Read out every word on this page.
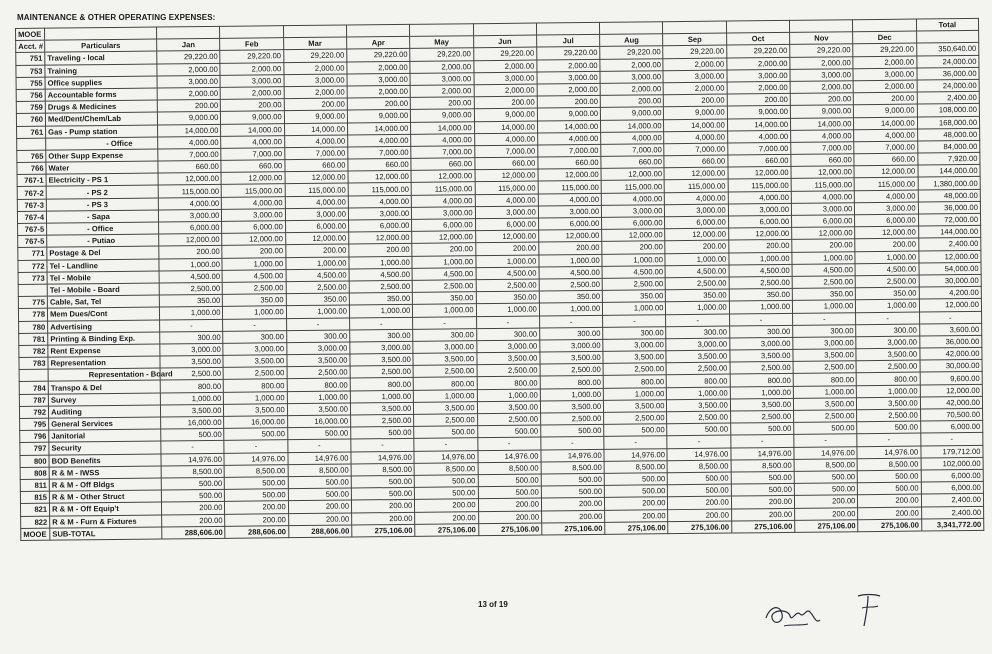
MAINTENANCE & OTHER OPERATING EXPENSES:
MOOE														Total
Acct. #	Particulars	Jan	Feb	Mar	Apr	May	Jun	Jul	Aug	Sep	Oct	Nov	Dec	
751	Traveling - local	29,220.00	29,220.00	29,220.00	29,220.00	29,220.00	29,220.00	29,220.00	29,220.00	29,220.00	29,220.00	29,220.00	29,220.00	350,640.00
753	Training	2,000.00	2,000.00	2,000.00	2,000.00	2,000.00	2,000.00	2,000.00	2,000.00	2,000.00	2,000.00	2,000.00	2,000.00	24,000.00
755	Office supplies	3,000.00	3,000.00	3,000.00	3,000.00	3,000.00	3,000.00	3,000.00	3,000.00	3,000.00	3,000.00	3,000.00	3,000.00	36,000.00
756	Accountable forms	2,000.00	2,000.00	2,000.00	2,000.00	2,000.00	2,000.00	2,000.00	2,000.00	2,000.00	2,000.00	2,000.00	2,000.00	24,000.00
759	Drugs & Medicines	200.00	200.00	200.00	200.00	200.00	200.00	200.00	200.00	200.00	200.00	200.00	200.00	2,400.00
760	Med/Dent/Chem/Lab	9,000.00	9,000.00	9,000.00	9,000.00	9,000.00	9,000.00	9,000.00	9,000.00	9,000.00	9,000.00	9,000.00	9,000.00	108,000.00
761	Gas - Pump station	14,000.00	14,000.00	14,000.00	14,000.00	14,000.00	14,000.00	14,000.00	14,000.00	14,000.00	14,000.00	14,000.00	14,000.00	168,000.00
	- Office	4,000.00	4,000.00	4,000.00	4,000.00	4,000.00	4,000.00	4,000.00	4,000.00	4,000.00	4,000.00	4,000.00	4,000.00	48,000.00
765	Other Supp Expense	7,000.00	7,000.00	7,000.00	7,000.00	7,000.00	7,000.00	7,000.00	7,000.00	7,000.00	7,000.00	7,000.00	7,000.00	84,000.00
766	Water	660.00	660.00	660.00	660.00	660.00	660.00	660.00	660.00	660.00	660.00	660.00	660.00	7,920.00
767-1	Electricity - PS 1	12,000.00	12,000.00	12,000.00	12,000.00	12,000.00	12,000.00	12,000.00	12,000.00	12,000.00	12,000.00	12,000.00	12,000.00	144,000.00
767-2	- PS 2	115,000.00	115,000.00	115,000.00	115,000.00	115,000.00	115,000.00	115,000.00	115,000.00	115,000.00	115,000.00	115,000.00	115,000.00	1,380,000.00
767-3	- PS 3	4,000.00	4,000.00	4,000.00	4,000.00	4,000.00	4,000.00	4,000.00	4,000.00	4,000.00	4,000.00	4,000.00	4,000.00	48,000.00
767-4	- Sapa	3,000.00	3,000.00	3,000.00	3,000.00	3,000.00	3,000.00	3,000.00	3,000.00	3,000.00	3,000.00	3,000.00	3,000.00	36,000.00
767-5	- Office	6,000.00	6,000.00	6,000.00	6,000.00	6,000.00	6,000.00	6,000.00	6,000.00	6,000.00	6,000.00	6,000.00	6,000.00	72,000.00
767-5	- Putiao	12,000.00	12,000.00	12,000.00	12,000.00	12,000.00	12,000.00	12,000.00	12,000.00	12,000.00	12,000.00	12,000.00	12,000.00	144,000.00
771	Postage & Del	200.00	200.00	200.00	200.00	200.00	200.00	200.00	200.00	200.00	200.00	200.00	200.00	2,400.00
772	Tel - Landline	1,000.00	1,000.00	1,000.00	1,000.00	1,000.00	1,000.00	1,000.00	1,000.00	1,000.00	1,000.00	1,000.00	1,000.00	12,000.00
773	Tel - Mobile	4,500.00	4,500.00	4,500.00	4,500.00	4,500.00	4,500.00	4,500.00	4,500.00	4,500.00	4,500.00	4,500.00	4,500.00	54,000.00
	Tel - Mobile - Board	2,500.00	2,500.00	2,500.00	2,500.00	2,500.00	2,500.00	2,500.00	2,500.00	2,500.00	2,500.00	2,500.00	2,500.00	30,000.00
775	Cable, Sat, Tel	350.00	350.00	350.00	350.00	350.00	350.00	350.00	350.00	350.00	350.00	350.00	350.00	4,200.00
778	Mem Dues/Cont	1,000.00	1,000.00	1,000.00	1,000.00	1,000.00	1,000.00	1,000.00	1,000.00	1,000.00	1,000.00	1,000.00	1,000.00	12,000.00
780	Advertising	-	-	-	-	-	-	-	-	-	-	-	-	-
781	Printing & Binding Exp.	300.00	300.00	300.00	300.00	300.00	300.00	300.00	300.00	300.00	300.00	300.00	300.00	3,600.00
782	Rent Expense	3,000.00	3,000.00	3,000.00	3,000.00	3,000.00	3,000.00	3,000.00	3,000.00	3,000.00	3,000.00	3,000.00	3,000.00	36,000.00
783	Representation	3,500.00	3,500.00	3,500.00	3,500.00	3,500.00	3,500.00	3,500.00	3,500.00	3,500.00	3,500.00	3,500.00	3,500.00	42,000.00
	Representation - Board	2,500.00	2,500.00	2,500.00	2,500.00	2,500.00	2,500.00	2,500.00	2,500.00	2,500.00	2,500.00	2,500.00	2,500.00	30,000.00
784	Transpo & Del	800.00	800.00	800.00	800.00	800.00	800.00	800.00	800.00	800.00	800.00	800.00	800.00	9,600.00
787	Survey	1,000.00	1,000.00	1,000.00	1,000.00	1,000.00	1,000.00	1,000.00	1,000.00	1,000.00	1,000.00	1,000.00	1,000.00	12,000.00
792	Auditing	3,500.00	3,500.00	3,500.00	3,500.00	3,500.00	3,500.00	3,500.00	3,500.00	3,500.00	3,500.00	3,500.00	3,500.00	42,000.00
795	General Services	16,000.00	16,000.00	16,000.00	2,500.00	2,500.00	2,500.00	2,500.00	2,500.00	2,500.00	2,500.00	2,500.00	2,500.00	70,500.00
796	Janitorial	500.00	500.00	500.00	500.00	500.00	500.00	500.00	500.00	500.00	500.00	500.00	500.00	6,000.00
797	Security	-	-	-	-	-	-	-	-	-	-	-	-	-
800	BOD Benefits	14,976.00	14,976.00	14,976.00	14,976.00	14,976.00	14,976.00	14,976.00	14,976.00	14,976.00	14,976.00	14,976.00	14,976.00	179,712.00
808	R & M - IWSS	8,500.00	8,500.00	8,500.00	8,500.00	8,500.00	8,500.00	8,500.00	8,500.00	8,500.00	8,500.00	8,500.00	8,500.00	102,000.00
811	R & M - Off Bldgs	500.00	500.00	500.00	500.00	500.00	500.00	500.00	500.00	500.00	500.00	500.00	500.00	6,000.00
815	R & M - Other Struct	500.00	500.00	500.00	500.00	500.00	500.00	500.00	500.00	500.00	500.00	500.00	500.00	6,000.00
821	R & M - Off Equip't	200.00	200.00	200.00	200.00	200.00	200.00	200.00	200.00	200.00	200.00	200.00	200.00	2,400.00
822	R & M - Furn & Fixtures	200.00	200.00	200.00	200.00	200.00	200.00	200.00	200.00	200.00	200.00	200.00	200.00	2,400.00
MOOE	SUB-TOTAL	288,606.00	288,606.00	288,606.00	275,106.00	275,106.00	275,106.00	275,106.00	275,106.00	275,106.00	275,106.00	275,106.00	275,106.00	3,341,772.00
13 of 19
